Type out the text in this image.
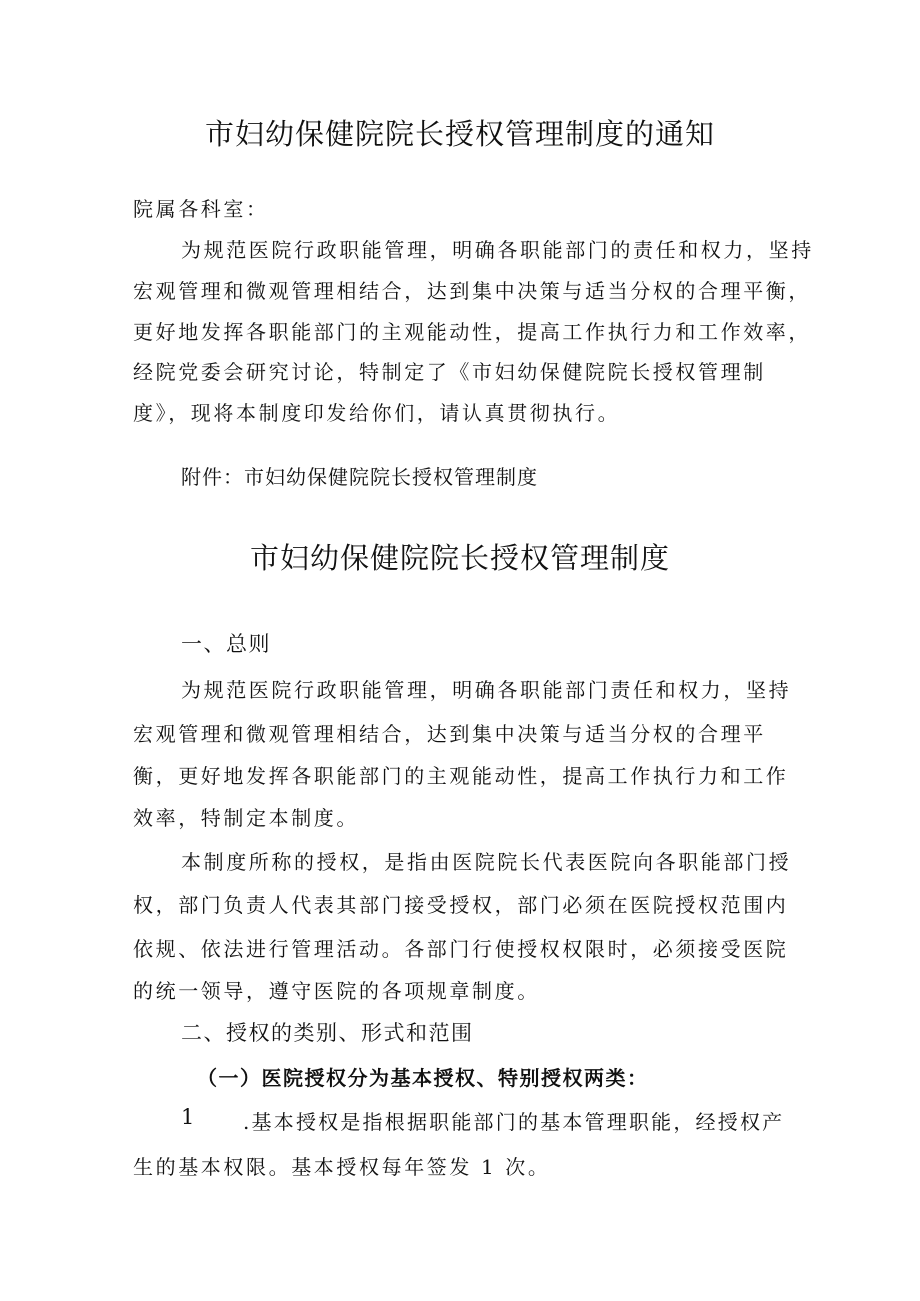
市妇幼保健院院长授权管理制度的通知
院属各科室：
为规范医院行政职能管理，明确各职能部门的责任和权力，坚持
宏观管理和微观管理相结合，达到集中决策与适当分权的合理平衡，
更好地发挥各职能部门的主观能动性，提高工作执行力和工作效率，
经院党委会研究讨论，特制定了《市妇幼保健院院长授权管理制
度》，现将本制度印发给你们，请认真贯彻执行。
附件：市妇幼保健院院长授权管理制度
市妇幼保健院院长授权管理制度
一、总则
为规范医院行政职能管理，明确各职能部门责任和权力，坚持
宏观管理和微观管理相结合，达到集中决策与适当分权的合理平
衡，更好地发挥各职能部门的主观能动性，提高工作执行力和工作
效率，特制定本制度。
本制度所称的授权，是指由医院院长代表医院向各职能部门授
权，部门负责人代表其部门接受授权，部门必须在医院授权范围内
依规、依法进行管理活动。各部门行使授权权限时，必须接受医院
的统一领导，遵守医院的各项规章制度。
二、授权的类别、形式和范围
（一）医院授权分为基本授权、特别授权两类：
1 .基本授权是指根据职能部门的基本管理职能，经授权产
生的基本权限。基本授权每年签发 1 次。
